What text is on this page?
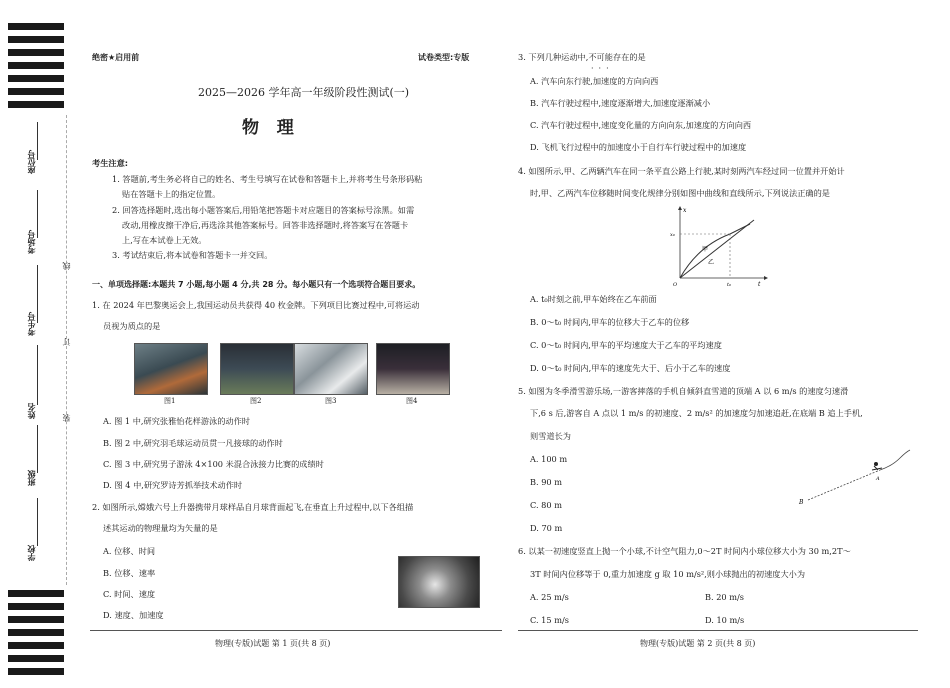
座位号
考场号
考生号
姓名
班级
学校
线
订
装
绝密★启用前	试卷类型:专版
2025—2026 学年高一年级阶段性测试(一)
物   理
考生注意:
1. 答题前,考生务必将自己的姓名、考生号填写在试卷和答题卡上,并将考生号条形码粘
贴在答题卡上的指定位置。
2. 回答选择题时,选出每小题答案后,用铅笔把答题卡对应题目的答案标号涂黑。如需
改动,用橡皮擦干净后,再选涂其他答案标号。回答非选择题时,将答案写在答题卡
上,写在本试卷上无效。
3. 考试结束后,将本试卷和答题卡一并交回。
一、单项选择题:本题共 7 小题,每小题 4 分,共 28 分。每小题只有一个选项符合题目要求。
1. 在 2024 年巴黎奥运会上,我国运动员共获得 40 枚金牌。下列项目比赛过程中,可将运动
员视为质点的是
图1	图2	图3	图4
A. 图 1 中,研究张雅怡花样游泳的动作时
B. 图 2 中,研究羽毛球运动员贯一凡接球的动作时
C. 图 3 中,研究男子游泳 4×100 米混合泳接力比赛的成绩时
D. 图 4 中,研究罗诗芳抓举技术动作时
2. 如图所示,嫦娥六号上升器携带月球样品自月球背面起飞,在垂直上升过程中,以下各组描
述其运动的物理量均为矢量的是
A. 位移、时间
B. 位移、速率
C. 时间、速度
D. 速度、加速度
物理(专版)试题 第 1 页(共 8 页)
3. 下列几种运动中,不可能存在的是
···
A. 汽车向东行驶,加速度的方向向西
B. 汽车行驶过程中,速度逐渐增大,加速度逐渐减小
C. 汽车行驶过程中,速度变化量的方向向东,加速度的方向向西
D. 飞机飞行过程中的加速度小于自行车行驶过程中的加速度
4. 如图所示,甲、乙两辆汽车在同一条平直公路上行驶,某时刻两汽车经过同一位置并开始计
时,甲、乙两汽车位移随时间变化规律分别如图中曲线和直线所示,下列说法正确的是
x
t
x₀
t₀
O
甲
乙
A. t₀时刻之前,甲车始终在乙车前面
B. 0～t₀ 时间内,甲车的位移大于乙车的位移
C. 0～t₀ 时间内,甲车的平均速度大于乙车的平均速度
D. 0～t₀ 时间内,甲车的速度先大于、后小于乙车的速度
5. 如图为冬季滑雪游乐场,一游客摔落的手机自倾斜直雪道的顶端 A 以 6 m/s 的速度匀速滑
下,6 s 后,游客自 A 点以 1 m/s 的初速度、2 m/s² 的加速度匀加速追赶,在底端 B 追上手机,
则雪道长为
A. 100 m
B. 90 m
C. 80 m
D. 70 m
A
B
6. 以某一初速度竖直上抛一个小球,不计空气阻力,0～2T 时间内小球位移大小为 30 m,2T～
3T 时间内位移等于 0,重力加速度 g 取 10 m/s²,则小球抛出的初速度大小为
A. 25 m/s	B. 20 m/s
C. 15 m/s	D. 10 m/s
物理(专版)试题 第 2 页(共 8 页)
